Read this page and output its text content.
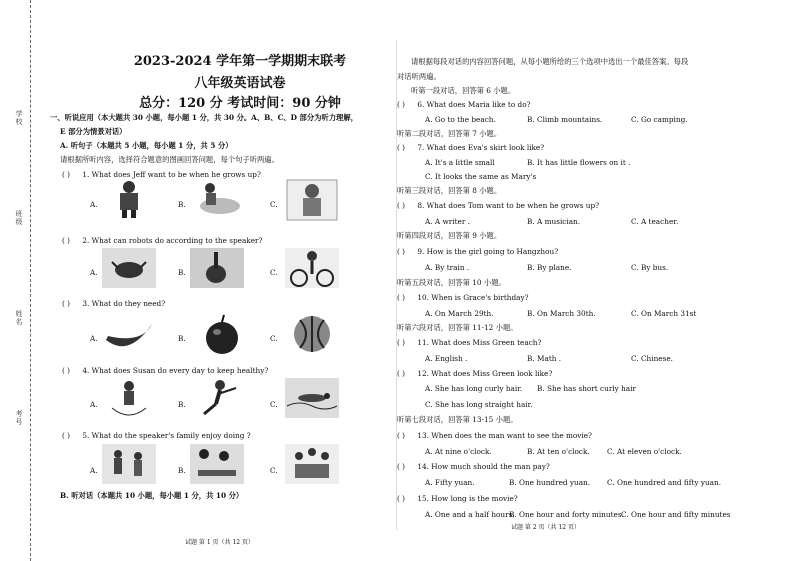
学校
班级
姓名
考号
2023-2024 学年第一学期期末联考
八年级英语试卷
总分：120 分 考试时间：90 分钟
一、听说应用（本大题共 30 小题，每小题 1 分，共 30 分。A、B、C、D 部分为听力理解，
E 部分为情景对话）
A. 听句子（本题共 5 小题，每小题 1 分，共 5 分）
请根据所听内容，选择符合题意的图画回答问题，每个句子听两遍。
( ) 1. What does Jeff want to be when he grows up?
A.	B.	C.
( ) 2. What can robots do according to the speaker?
A.	B.	C.
( ) 3. What do they need?
A.	B.	C.
( ) 4. What does Susan do every day to keep healthy?
A.	B.	C.
( ) 5. What do the speaker's family enjoy doing ?
A.	B.	C.
B. 听对话（本题共 10 小题，每小题 1 分，共 10 分）
试题 第 1 页（共 12 页）
请根据每段对话的内容回答问题，从每小题所给的三个选项中选出一个最佳答案。每段
对话听两遍。
听第一段对话，回答第 6 小题。
( ) 6. What does Maria like to do?
A. Go to the beach.	B. Climb mountains.	C. Go camping.
听第二段对话，回答第 7 小题。
( ) 7. What does Eva's skirt look like?
A. It's a little small	B. It has little flowers on it .
C. It looks the same as Mary's
听第三段对话，回答第 8 小题。
( ) 8. What does Tom want to be when he grows up?
A. A writer .	B. A musician.	C. A teacher.
听第四段对话，回答第 9 小题。
( ) 9. How is the girl going to Hangzhou?
A. By train .	B. By plane.	C. By bus.
听第五段对话，回答第 10 小题。
( ) 10. When is Grace's birthday?
A. On March 29th.	B. On March 30th.	C. On March 31st
听第六段对话，回答第 11-12 小题。
( ) 11. What does Miss Green teach?
A. English .	B. Math .	C. Chinese.
( ) 12. What does Miss Green look like?
A. She has long curly hair. B. She has short curly hair
C. She has long straight hair.
听第七段对话，回答第 13-15 小题。
( ) 13. When does the man want to see the movie?
A. At nine o'clock.	B. At ten o'clock. C. At eleven o'clock.
( ) 14. How much should the man pay?
A. Fifty yuan.	B. One hundred yuan. C. One hundred and fifty yuan.
( ) 15. How long is the movie?
A. One and a half hours.
B. One hour and forty minutes.
C. One hour and fifty minutes
试题 第 2 页（共 12 页）
